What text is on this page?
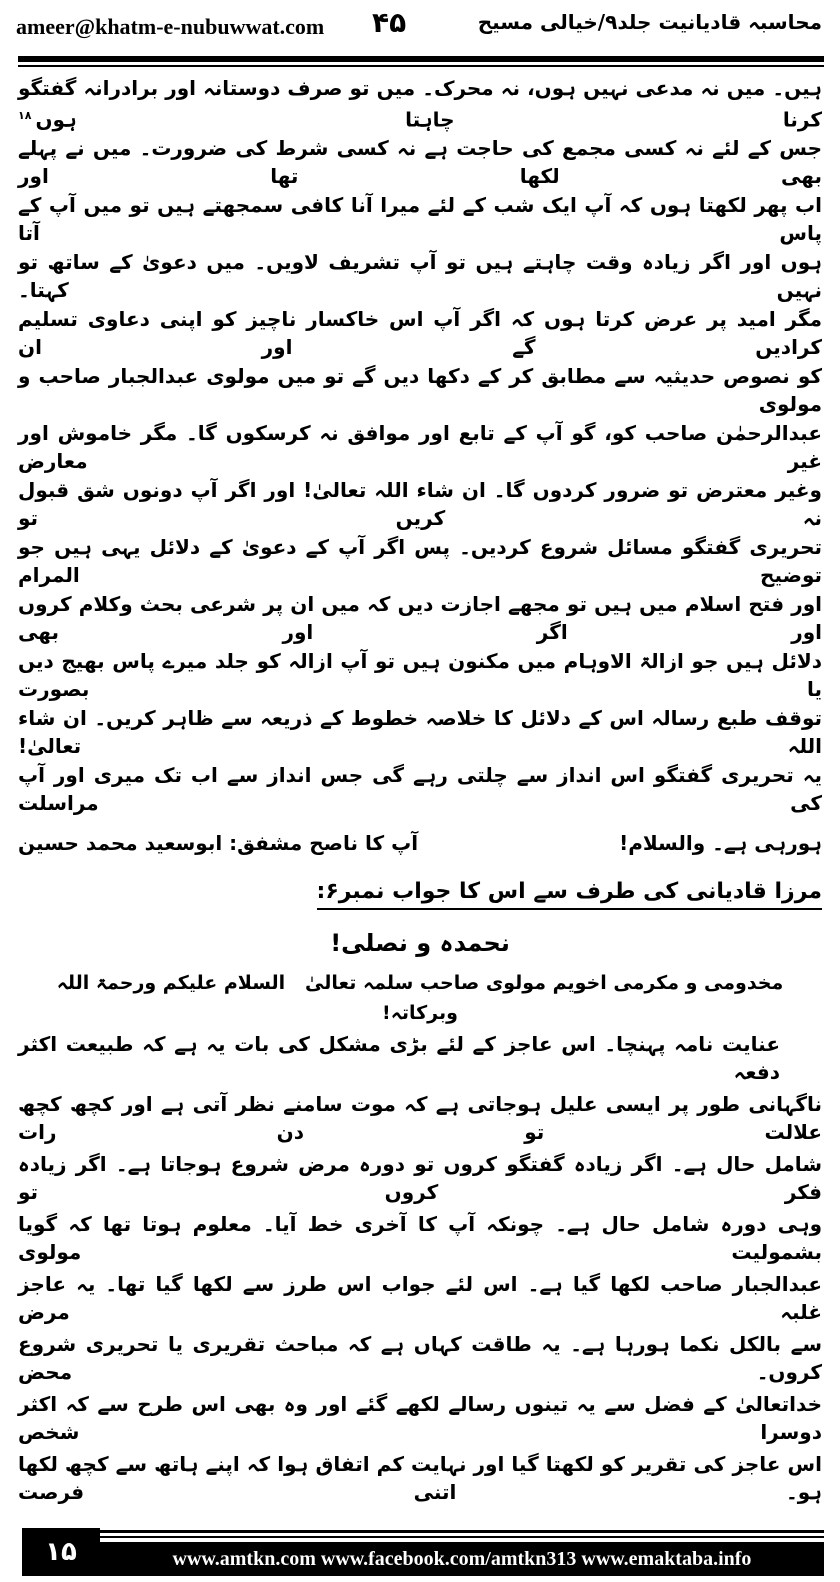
ameer@khatm-e-nubuwwat.com ۴۵	محاسبہ قادیانیت جلد۹/خیالی مسیح
ہیں۔ میں نہ مدعی نہیں ہوں، نہ محرک۔ میں تو صرف دوستانہ اور برادرانہ گفتگو کرنا چاہتا ہوں$^{۱۸}$
جس کے لئے نہ کسی مجمع کی حاجت ہے نہ کسی شرط کی ضرورت۔ میں نے پہلے بھی لکھا تھا اور
اب پھر لکھتا ہوں کہ آپ ایک شب کے لئے میرا آنا کافی سمجھتے ہیں تو میں آپ کے پاس آتا
ہوں اور اگر زیادہ وقت چاہتے ہیں تو آپ تشریف لاویں۔ میں دعویٰ کے ساتھ تو نہیں کہتا۔
مگر امید پر عرض کرتا ہوں کہ اگر آپ اس خاکسار ناچیز کو اپنی دعاوی تسلیم کرادیں گے اور ان
کو نصوص حدیثیہ سے مطابق کر کے دکھا دیں گے تو میں مولوی عبدالجبار صاحب و مولوی
عبدالرحمٰن صاحب کو، گو آپ کے تابع اور موافق نہ کرسکوں گا۔ مگر خاموش اور غیر معارض
وغیر معترض تو ضرور کردوں گا۔ ان شاء اللہ تعالیٰ! اور اگر آپ دونوں شق قبول نہ کریں تو
تحریری گفتگو مسائل شروع کردیں۔ پس اگر آپ کے دعویٰ کے دلائل یہی ہیں جو توضیح المرام
اور فتح اسلام میں ہیں تو مجھے اجازت دیں کہ میں ان پر شرعی بحث وکلام کروں اور اگر اور بھی
دلائل ہیں جو ازالۃ الاوہام میں مکنون ہیں تو آپ ازالہ کو جلد میرے پاس بھیج دیں یا بصورت
توقف طبع رسالہ اس کے دلائل کا خلاصہ خطوط کے ذریعہ سے ظاہر کریں۔ ان شاء اللہ تعالیٰ!
یہ تحریری گفتگو اس انداز سے چلتی رہے گی جس انداز سے اب تک میری اور آپ کی مراسلت
ہورہی ہے۔ والسلام!
آپ کا ناصح مشفق: ابوسعید محمد حسین
مرزا قادیانی کی طرف سے اس کا جواب نمبر۶:
نحمدہ و نصلی!
مخدومی و مکرمی اخویم مولوی صاحب سلمہ تعالیٰ   السلام علیکم ورحمۃ اللہ وبرکاتہ!
عنایت نامہ پہنچا۔ اس عاجز کے لئے بڑی مشکل کی بات یہ ہے کہ طبیعت اکثر دفعہ
ناگہانی طور پر ایسی علیل ہوجاتی ہے کہ موت سامنے نظر آتی ہے اور کچھ کچھ علالت تو دن رات
شامل حال ہے۔ اگر زیادہ گفتگو کروں تو دورہ مرض شروع ہوجاتا ہے۔ اگر زیادہ فکر کروں تو
وہی دورہ شامل حال ہے۔ چونکہ آپ کا آخری خط آیا۔ معلوم ہوتا تھا کہ گویا بشمولیت مولوی
عبدالجبار صاحب لکھا گیا ہے۔ اس لئے جواب اس طرز سے لکھا گیا تھا۔ یہ عاجز غلبہ مرض
سے بالکل نکما ہورہا ہے۔ یہ طاقت کہاں ہے کہ مباحث تقریری یا تحریری شروع کروں۔ محض
خداتعالیٰ کے فضل سے یہ تینوں رسالے لکھے گئے اور وہ بھی اس طرح سے کہ اکثر دوسرا شخص
اس عاجز کی تقریر کو لکھتا گیا اور نہایت کم اتفاق ہوا کہ اپنے ہاتھ سے کچھ لکھا ہو۔ اتنی فرصت
۱۵	www.amtkn.com www.facebook.com/amtkn313 www.emaktaba.info
